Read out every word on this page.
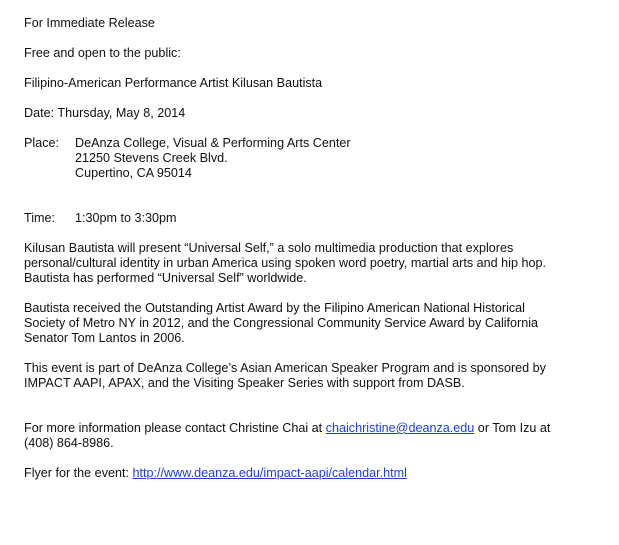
For Immediate Release

Free and open to the public:

Filipino-American Performance Artist Kilusan Bautista

Date: Thursday, May 8, 2014

Place:	DeAnza College, Visual & Performing Arts Center
21250 Stevens Creek Blvd.
Cupertino, CA 95014
Time:	1:30pm to 3:30pm
Kilusan Bautista will present “Universal Self,” a solo multimedia production that explores
personal/cultural identity in urban America using spoken word poetry, martial arts and hip hop.
Bautista has performed “Universal Self” worldwide.
Bautista received the Outstanding Artist Award by the Filipino American National Historical
Society of Metro NY in 2012, and the Congressional Community Service Award by California
Senator Tom Lantos in 2006.
This event is part of DeAnza College’s Asian American Speaker Program and is sponsored by
IMPACT AAPI, APAX, and the Visiting Speaker Series with support from DASB.
For more information please contact Christine Chai at chaichristine@deanza.edu or Tom Izu at
(408) 864-8986.
Flyer for the event: http://www.deanza.edu/impact-aapi/calendar.html
